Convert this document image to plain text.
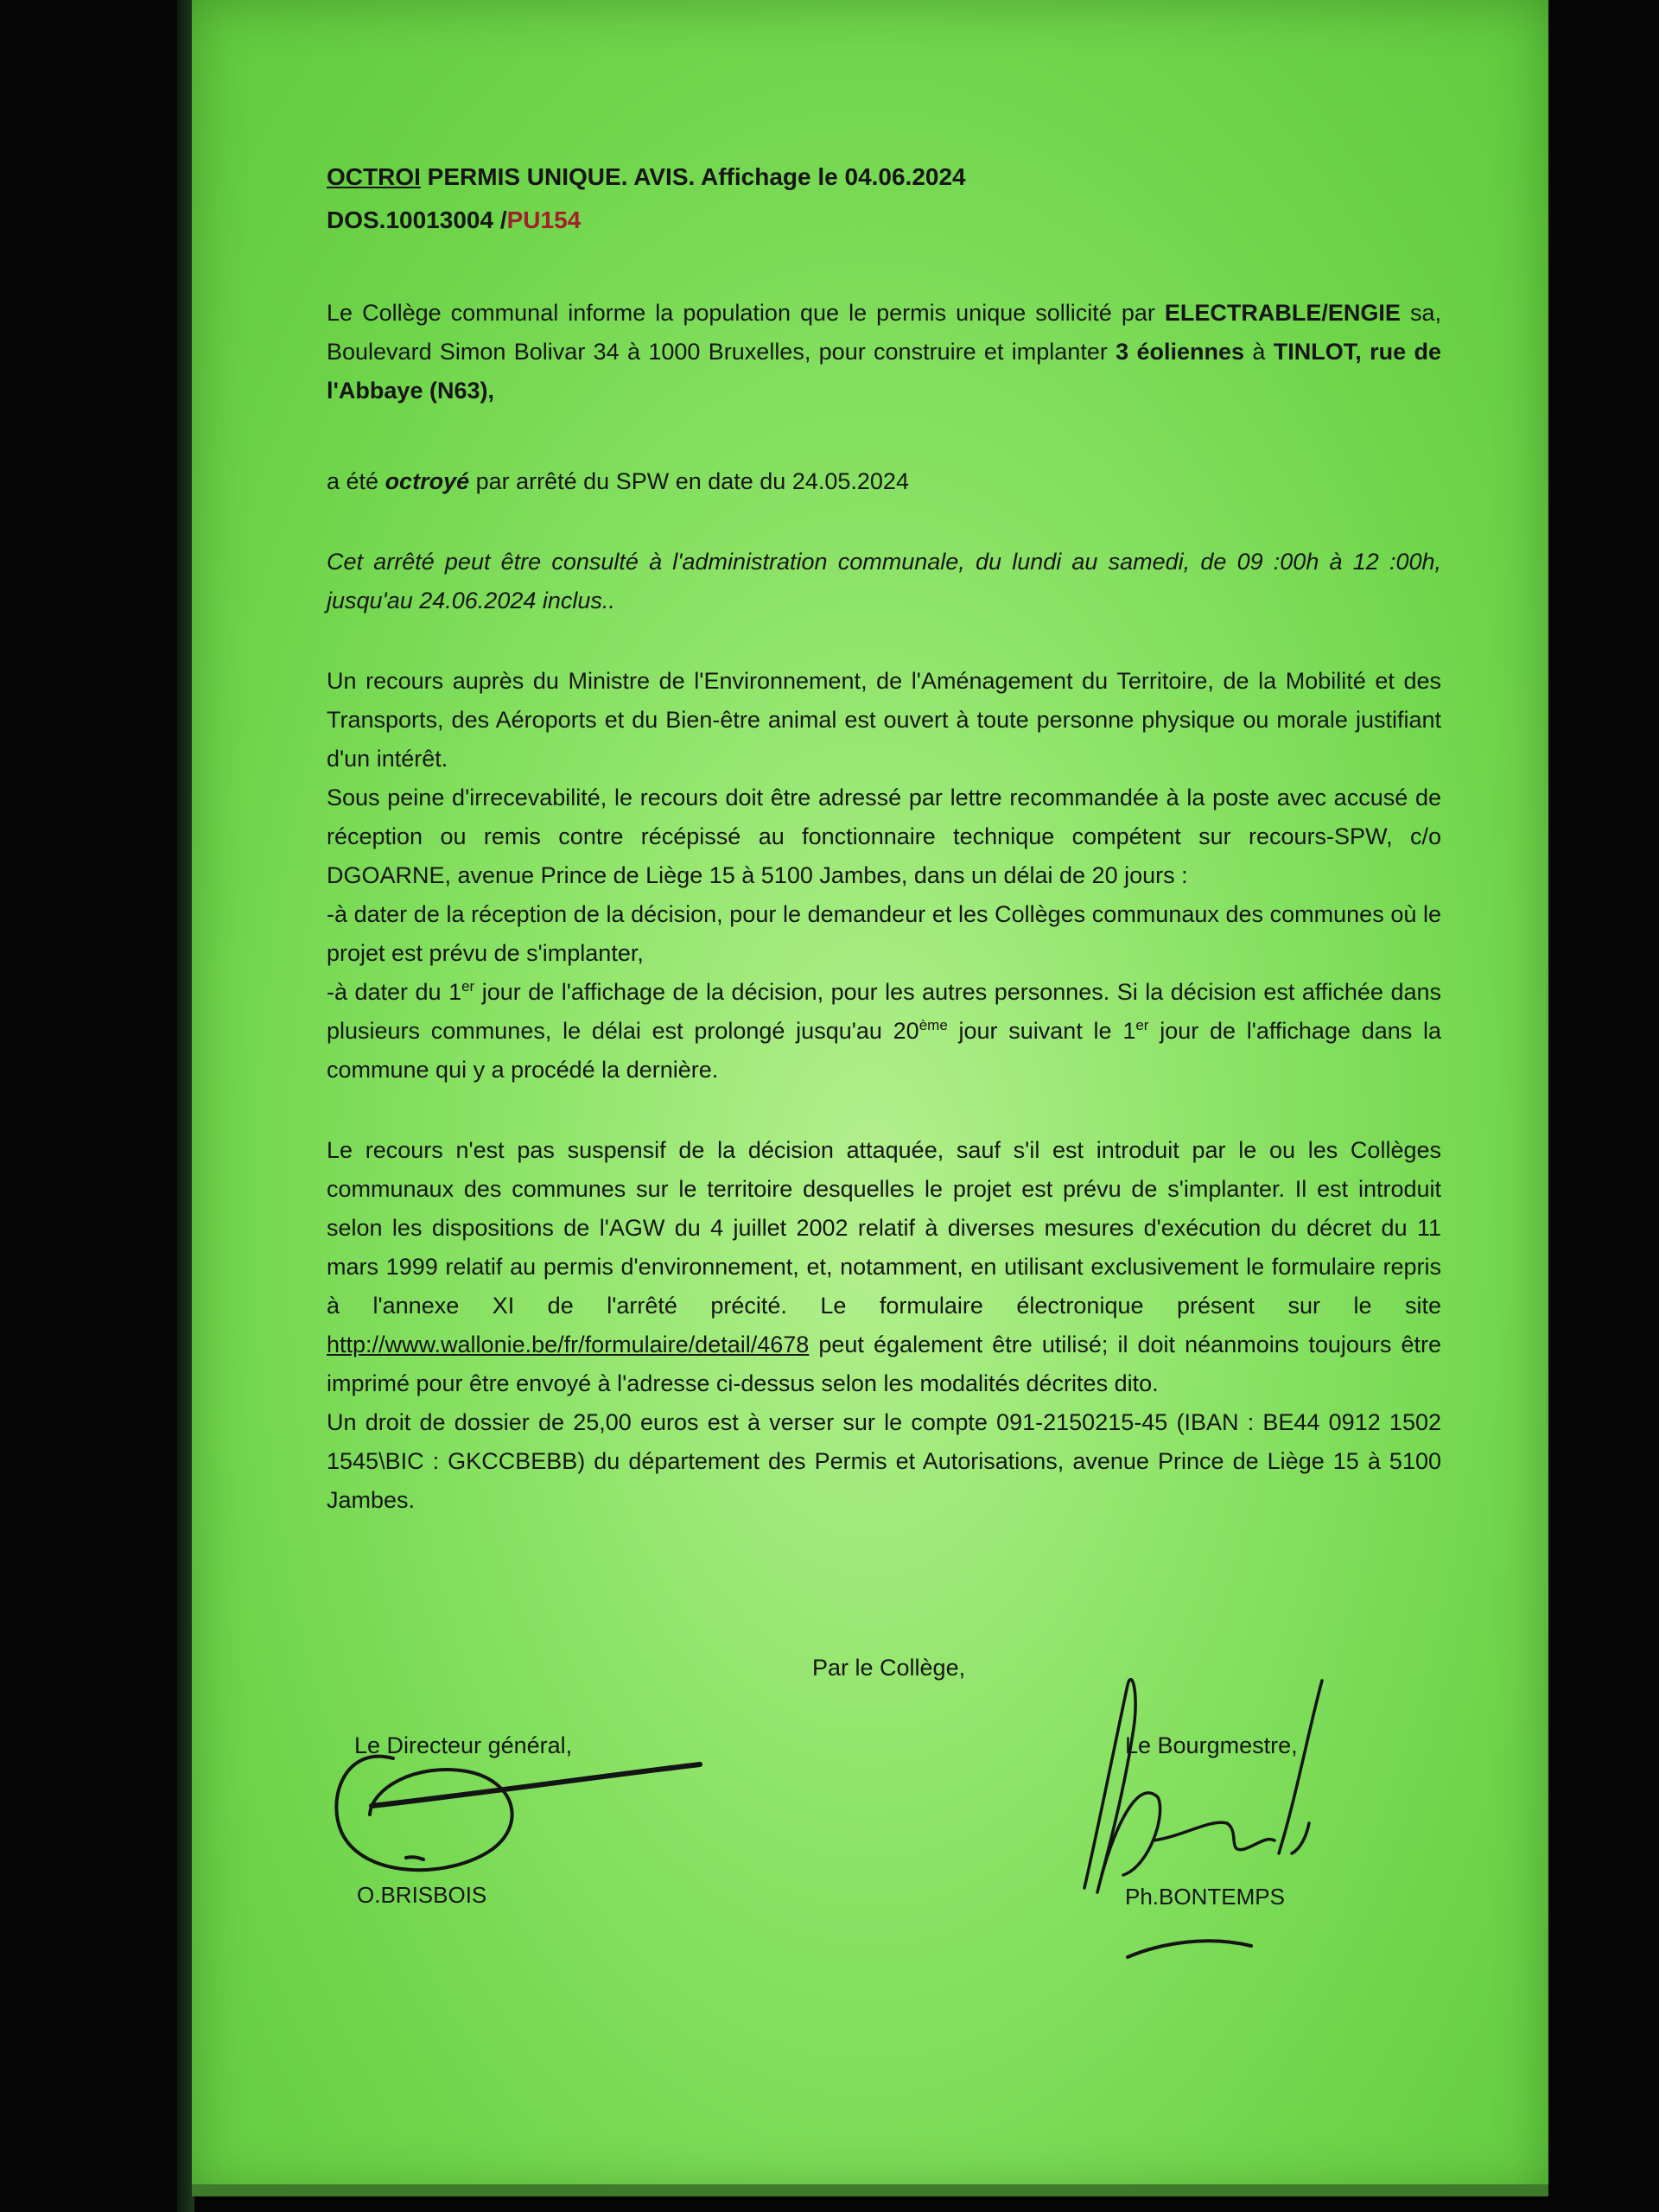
OCTROI PERMIS UNIQUE. AVIS. Affichage le 04.06.2024
DOS.10013004 /PU154

Le Collège communal informe la population que le permis unique sollicité par ELECTRABLE/ENGIE sa, Boulevard Simon Bolivar 34 à 1000 Bruxelles, pour construire et implanter 3 éoliennes à TINLOT, rue de l'Abbaye (N63),

a été octroyé par arrêté du SPW en date du 24.05.2024

Cet arrêté peut être consulté à l'administration communale, du lundi au samedi, de 09 :00h à 12 :00h, jusqu'au 24.06.2024 inclus..

Un recours auprès du Ministre de l'Environnement, de l'Aménagement du Territoire, de la Mobilité et des Transports, des Aéroports et du Bien-être animal est ouvert à toute personne physique ou morale justifiant d'un intérêt.

Sous peine d'irrecevabilité, le recours doit être adressé par lettre recommandée à la poste avec accusé de réception ou remis contre récépissé au fonctionnaire technique compétent sur recours-SPW, c/o DGOARNE, avenue Prince de Liège 15 à 5100 Jambes, dans un délai de 20 jours :

-à dater de la réception de la décision, pour le demandeur et les Collèges communaux des communes où le projet est prévu de s'implanter,

-à dater du 1er jour de l'affichage de la décision, pour les autres personnes. Si la décision est affichée dans plusieurs communes, le délai est prolongé jusqu'au 20ème jour suivant le 1er jour de l'affichage dans la commune qui y a procédé la dernière.

Le recours n'est pas suspensif de la décision attaquée, sauf s'il est introduit par le ou les Collèges communaux des communes sur le territoire desquelles le projet est prévu de s'implanter. Il est introduit selon les dispositions de l'AGW du 4 juillet 2002 relatif à diverses mesures d'exécution du décret du 11 mars 1999 relatif au permis d'environnement, et, notamment, en utilisant exclusivement le formulaire repris à l'annexe XI de l'arrêté précité. Le formulaire électronique présent sur le site http://www.wallonie.be/fr/formulaire/detail/4678 peut également être utilisé; il doit néanmoins toujours être imprimé pour être envoyé à l'adresse ci-dessus selon les modalités décrites dito.

Un droit de dossier de 25,00 euros est à verser sur le compte 091-2150215-45 (IBAN : BE44 0912 1502 1545\BIC : GKCCBEBB) du département des Permis et Autorisations, avenue Prince de Liège 15 à 5100 Jambes.

Par le Collège,
Le Directeur général,
O.BRISBOIS
Le Bourgmestre,
Ph.BONTEMPS
